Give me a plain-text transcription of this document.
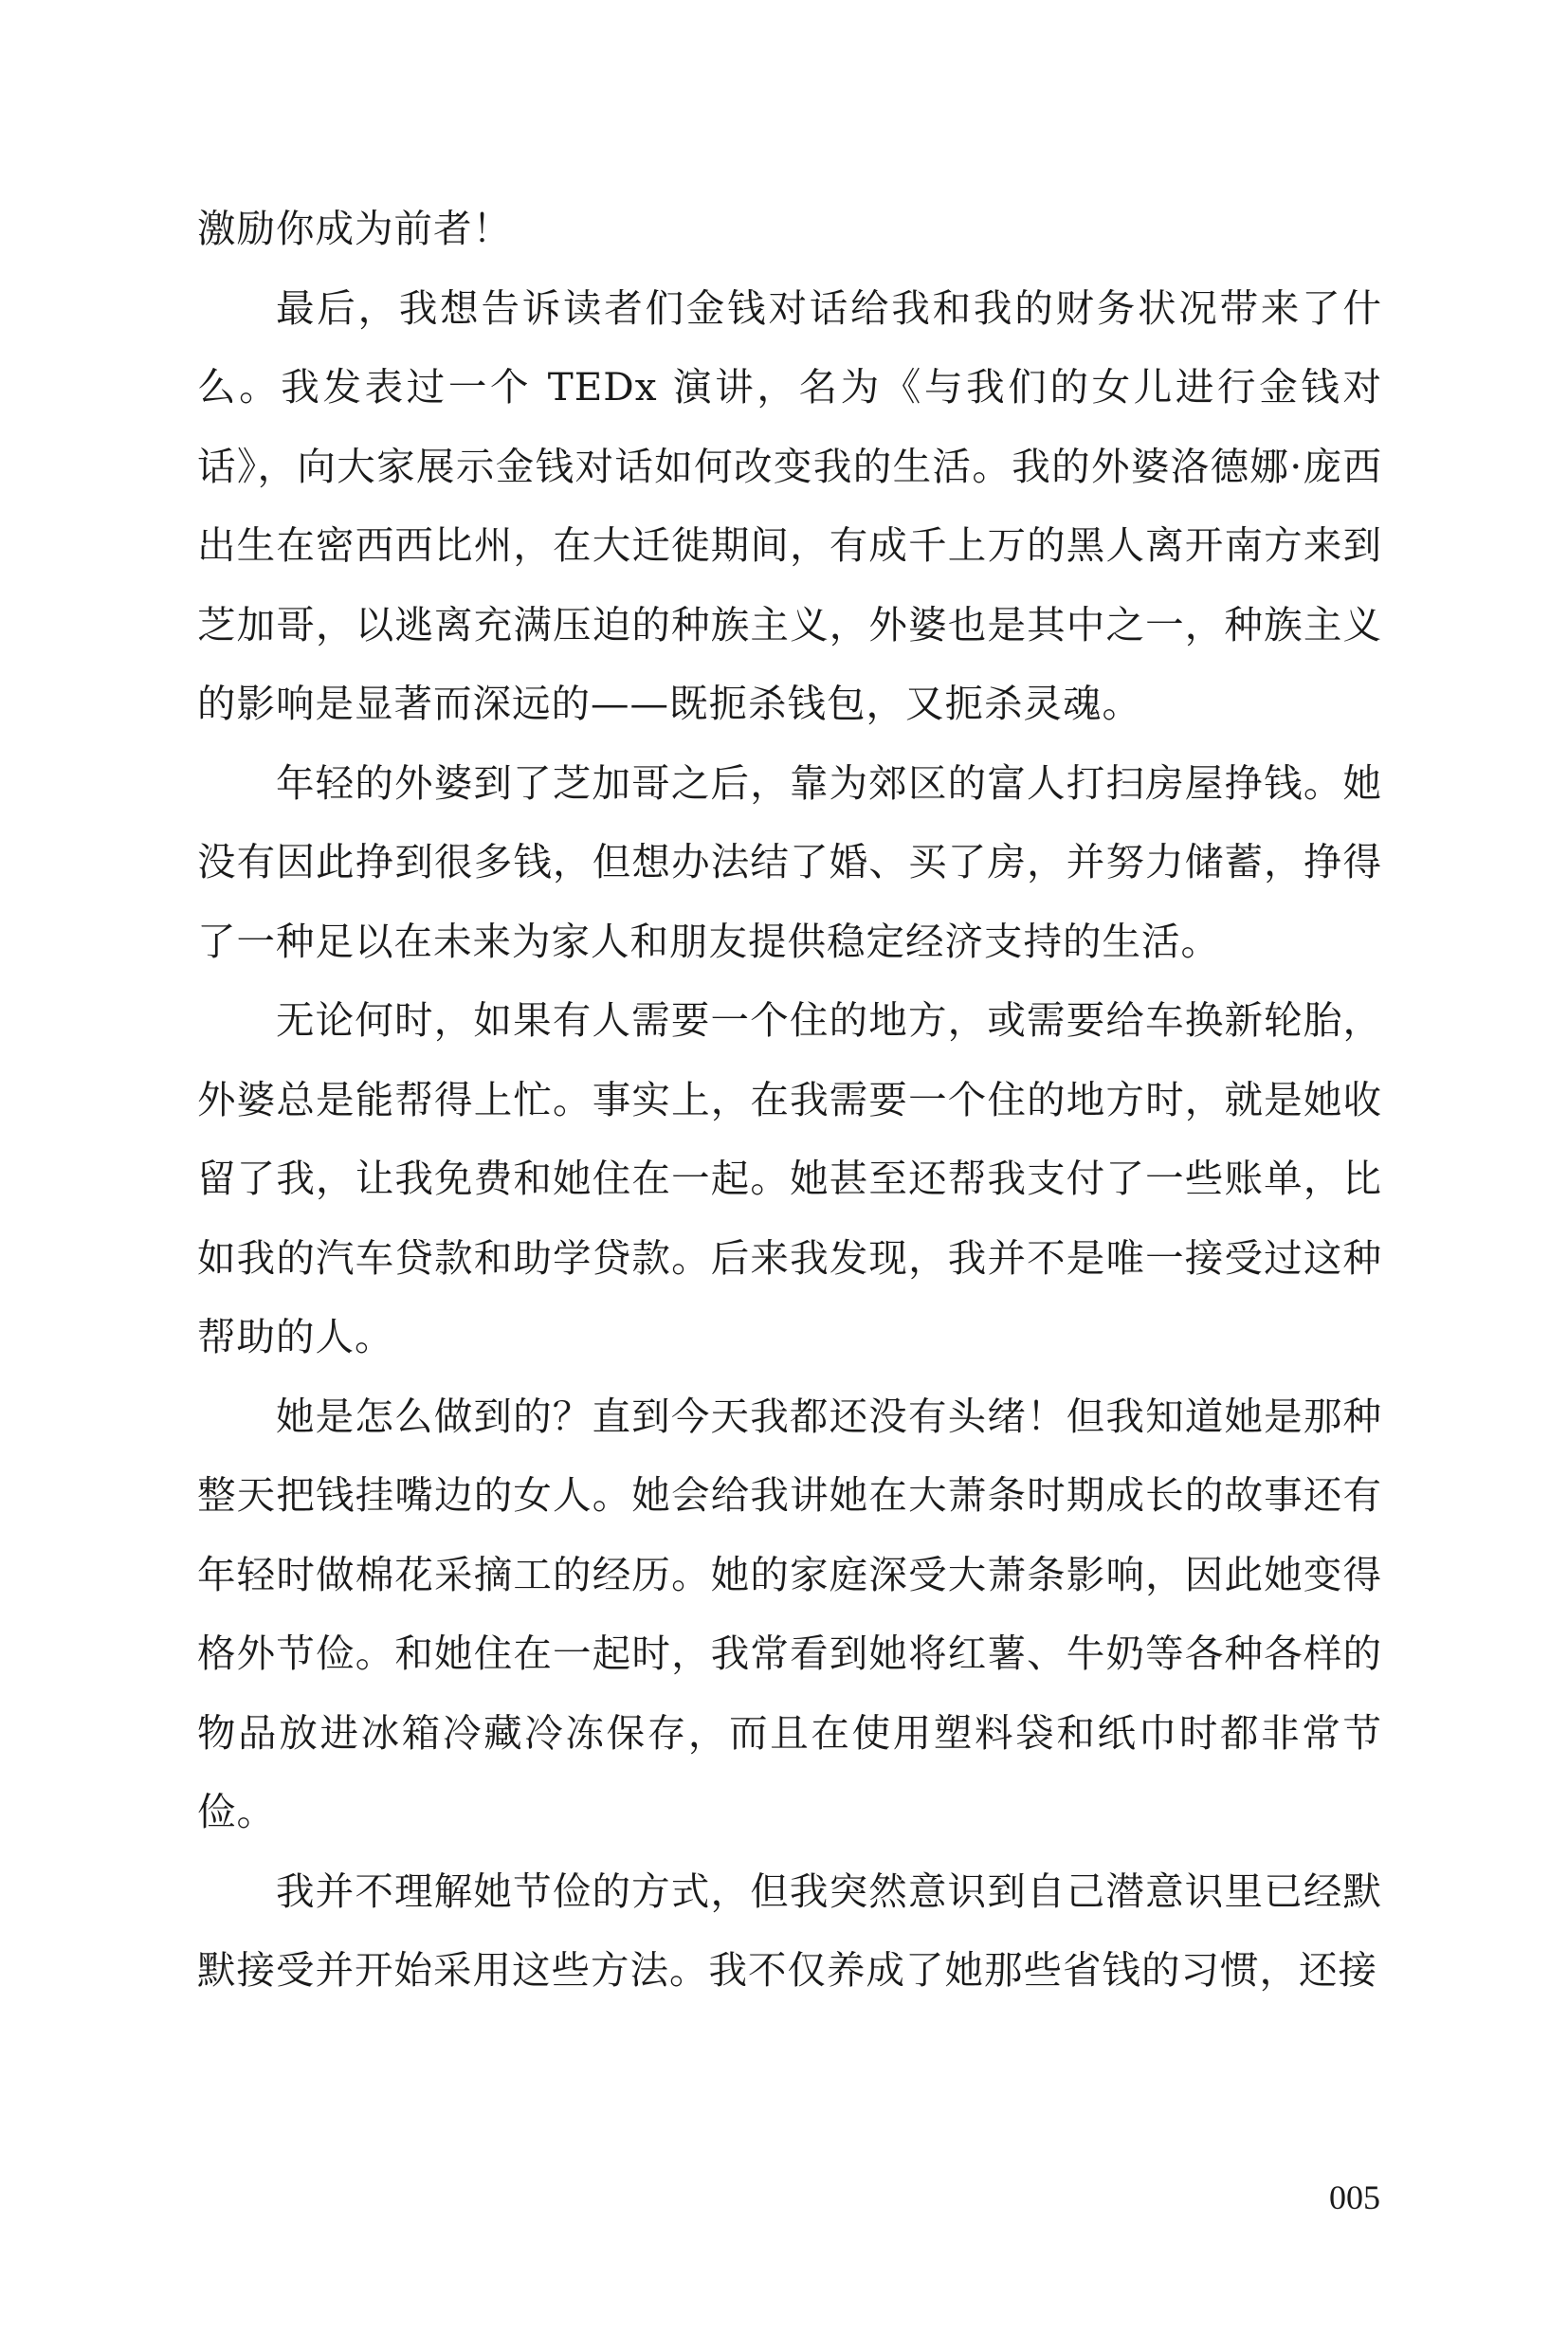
激励你成为前者！

最后，我想告诉读者们金钱对话给我和我的财务状况带来了什么。我发表过一个 TEDx 演讲，名为《与我们的女儿进行金钱对话》，向大家展示金钱对话如何改变我的生活。我的外婆洛德娜·庞西出生在密西西比州，在大迁徙期间，有成千上万的黑人离开南方来到芝加哥，以逃离充满压迫的种族主义，外婆也是其中之一，种族主义的影响是显著而深远的——既扼杀钱包，又扼杀灵魂。

年轻的外婆到了芝加哥之后，靠为郊区的富人打扫房屋挣钱。她没有因此挣到很多钱，但想办法结了婚、买了房，并努力储蓄，挣得了一种足以在未来为家人和朋友提供稳定经济支持的生活。

无论何时，如果有人需要一个住的地方，或需要给车换新轮胎，外婆总是能帮得上忙。事实上，在我需要一个住的地方时，就是她收留了我，让我免费和她住在一起。她甚至还帮我支付了一些账单，比如我的汽车贷款和助学贷款。后来我发现，我并不是唯一接受过这种帮助的人。

她是怎么做到的？直到今天我都还没有头绪！但我知道她是那种整天把钱挂嘴边的女人。她会给我讲她在大萧条时期成长的故事还有年轻时做棉花采摘工的经历。她的家庭深受大萧条影响，因此她变得格外节俭。和她住在一起时，我常看到她将红薯、牛奶等各种各样的物品放进冰箱冷藏冷冻保存，而且在使用塑料袋和纸巾时都非常节俭。

我并不理解她节俭的方式，但我突然意识到自己潜意识里已经默默接受并开始采用这些方法。我不仅养成了她那些省钱的习惯，还接

005
